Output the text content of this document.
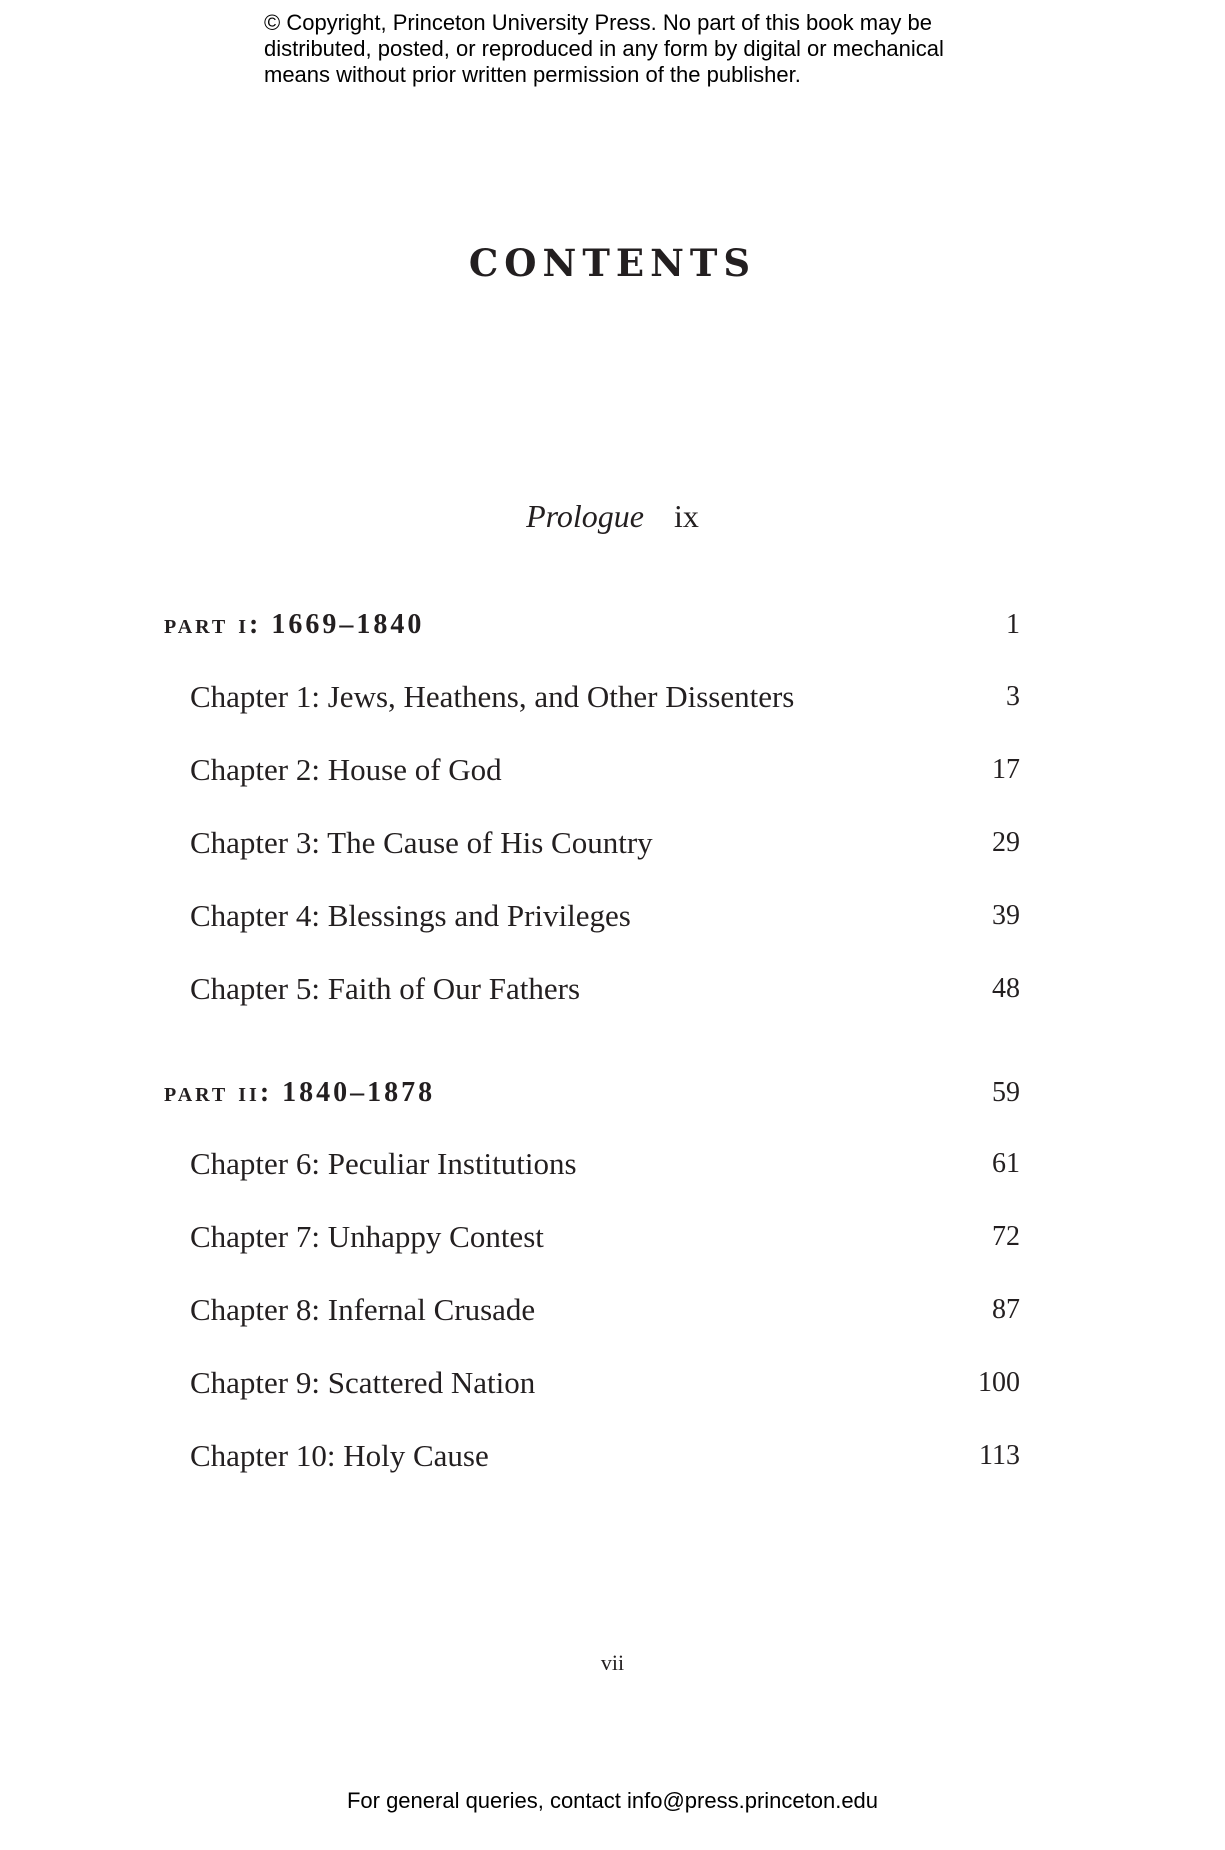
© Copyright, Princeton University Press. No part of this book may be
distributed, posted, or reproduced in any form by digital or mechanical
means without prior written permission of the publisher.
CONTENTS
Prologue ix
part i: 1669–1840	1
Chapter 1: Jews, Heathens, and Other Dissenters	3
Chapter 2: House of God	17
Chapter 3: The Cause of His Country	29
Chapter 4: Blessings and Privileges	39
Chapter 5: Faith of Our Fathers	48
part ii: 1840–1878	59
Chapter 6: Peculiar Institutions	61
Chapter 7: Unhappy Contest	72
Chapter 8: Infernal Crusade	87
Chapter 9: Scattered Nation	100
Chapter 10: Holy Cause	113
vii
For general queries, contact info@press.princeton.edu
